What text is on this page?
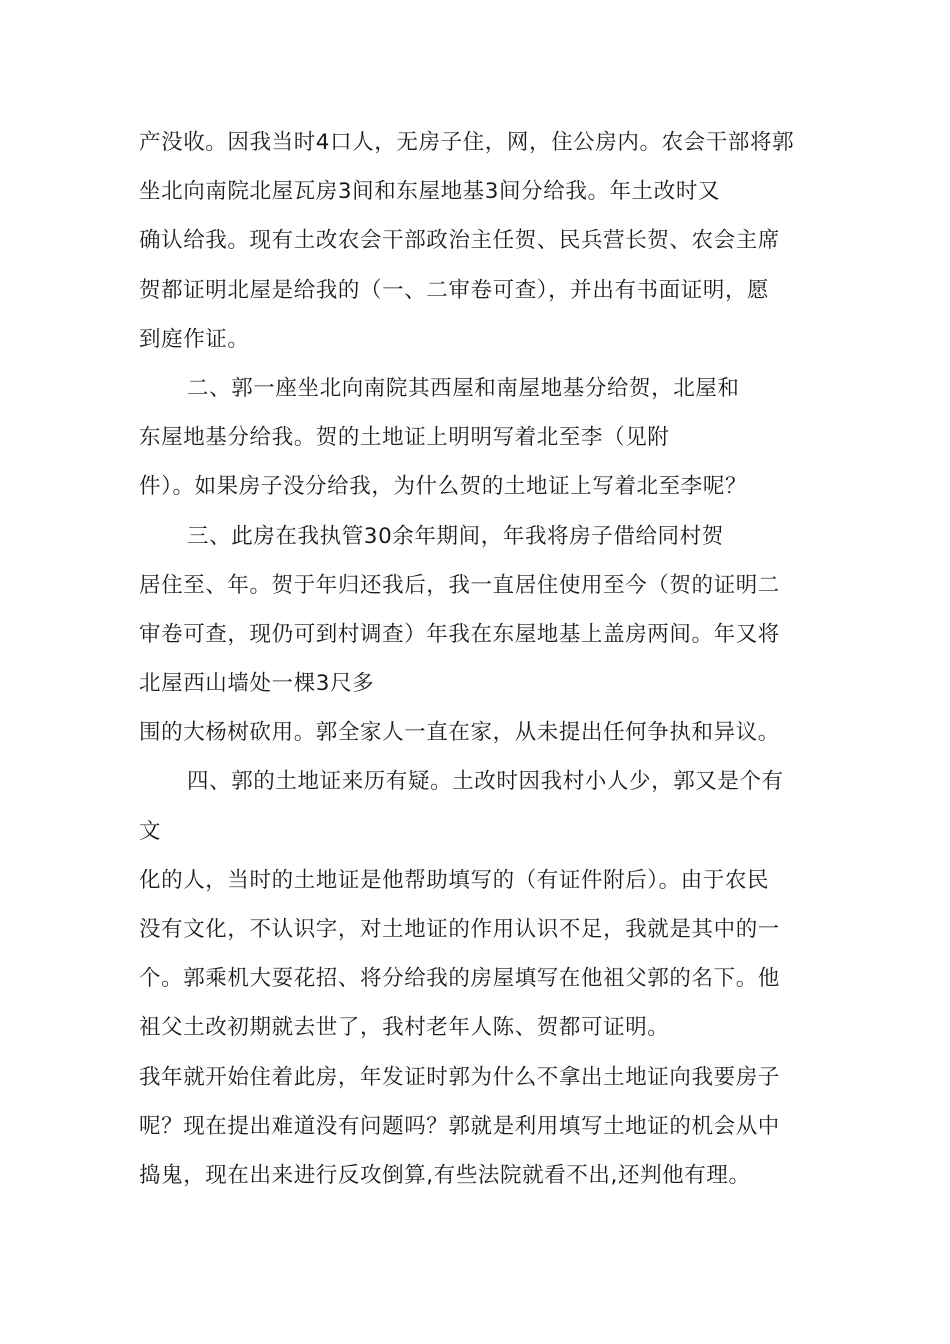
产没收。因我当时4口人，无房子住，网，住公房内。农会干部将郭
坐北向南院北屋瓦房3间和东屋地基3间分给我。年土改时又
确认给我。现有土改农会干部政治主任贺、民兵营长贺、农会主席
贺都证明北屋是给我的（一、二审卷可查），并出有书面证明，愿
到庭作证。
二、郭一座坐北向南院其西屋和南屋地基分给贺，北屋和
东屋地基分给我。贺的土地证上明明写着北至李（见附
件）。如果房子没分给我，为什么贺的土地证上写着北至李呢？
三、此房在我执管30余年期间，年我将房子借给同村贺
居住至、年。贺于年归还我后，我一直居住使用至今（贺的证明二
审卷可查，现仍可到村调查）年我在东屋地基上盖房两间。年又将
北屋西山墙处一棵3尺多
围的大杨树砍用。郭全家人一直在家，从未提出任何争执和异议。
四、郭的土地证来历有疑。土改时因我村小人少，郭又是个有
文
化的人，当时的土地证是他帮助填写的（有证件附后）。由于农民
没有文化，不认识字，对土地证的作用认识不足，我就是其中的一
个。郭乘机大耍花招、将分给我的房屋填写在他祖父郭的名下。他
祖父土改初期就去世了，我村老年人陈、贺都可证明。
我年就开始住着此房，年发证时郭为什么不拿出土地证向我要房子
呢？现在提出难道没有问题吗？郭就是利用填写土地证的机会从中
捣鬼，现在出来进行反攻倒算,有些法院就看不出,还判他有理。
